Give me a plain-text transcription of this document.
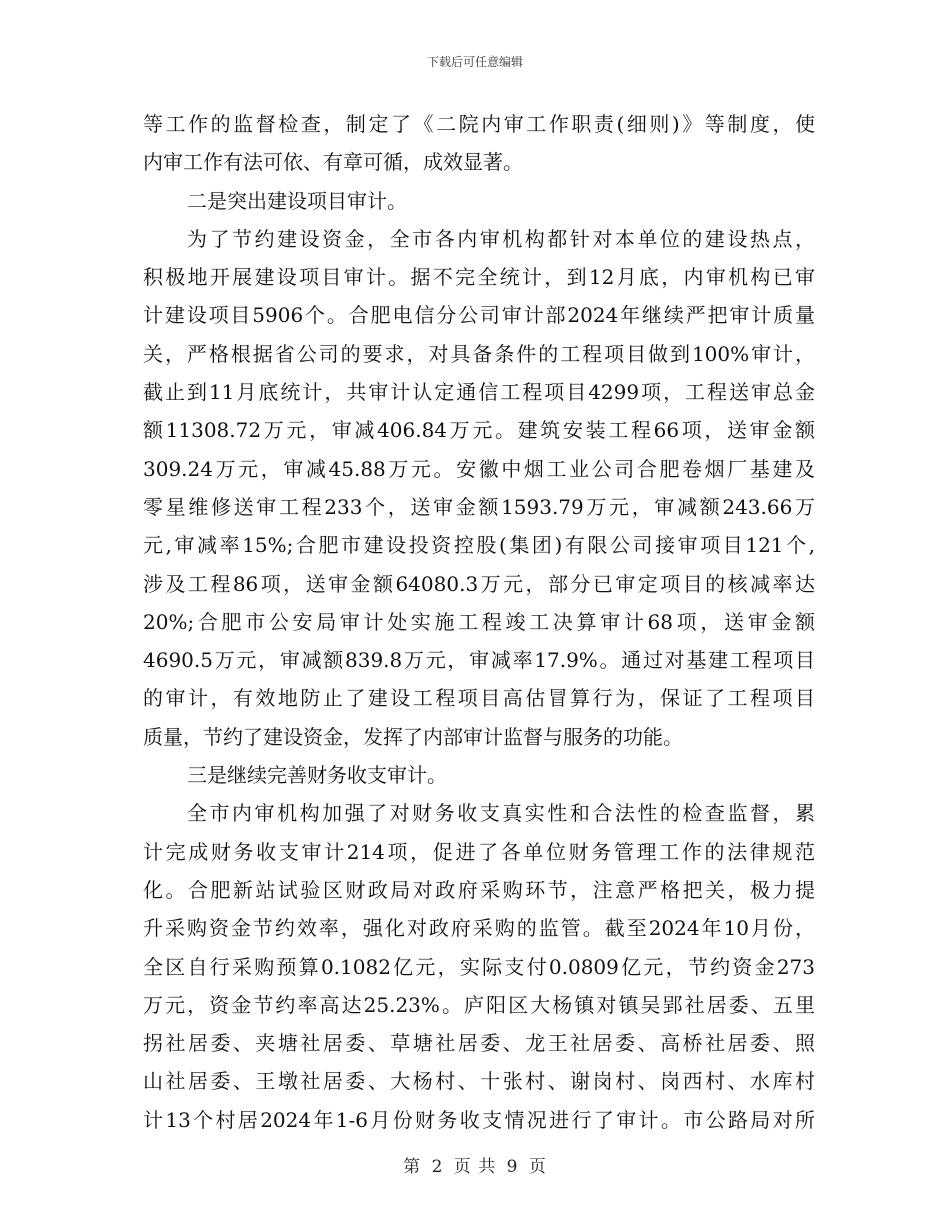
下载后可任意编辑
等工作的监督检查，制定了《二院内审工作职责(细则)》等制度，使
内审工作有法可依、有章可循，成效显著。
二是突出建设项目审计。
为了节约建设资金，全市各内审机构都针对本单位的建设热点，
积极地开展建设项目审计。据不完全统计，到12月底，内审机构已审
计建设项目5906个。合肥电信分公司审计部2024年继续严把审计质量
关，严格根据省公司的要求，对具备条件的工程项目做到100%审计，
截止到11月底统计，共审计认定通信工程项目4299项，工程送审总金
额11308.72万元，审减406.84万元。建筑安装工程66项，送审金额
309.24万元，审减45.88万元。安徽中烟工业公司合肥卷烟厂基建及
零星维修送审工程233个，送审金额1593.79万元，审减额243.66万
元,审减率15%;合肥市建设投资控股(集团)有限公司接审项目121个,
涉及工程86项，送审金额64080.3万元，部分已审定项目的核减率达
20%;合肥市公安局审计处实施工程竣工决算审计68项，送审金额
4690.5万元，审减额839.8万元，审减率17.9%。通过对基建工程项目
的审计，有效地防止了建设工程项目高估冒算行为，保证了工程项目
质量，节约了建设资金，发挥了内部审计监督与服务的功能。
三是继续完善财务收支审计。
全市内审机构加强了对财务收支真实性和合法性的检查监督，累
计完成财务收支审计214项，促进了各单位财务管理工作的法律规范
化。合肥新站试验区财政局对政府采购环节，注意严格把关，极力提
升采购资金节约效率，强化对政府采购的监管。截至2024年10月份，
全区自行采购预算0.1082亿元，实际支付0.0809亿元，节约资金273
万元，资金节约率高达25.23%。庐阳区大杨镇对镇吴郢社居委、五里
拐社居委、夹塘社居委、草塘社居委、龙王社居委、高桥社居委、照
山社居委、王墩社居委、大杨村、十张村、谢岗村、岗西村、水库村
计13个村居2024年1-6月份财务收支情况进行了审计。市公路局对所
第 2 页 共 9 页
